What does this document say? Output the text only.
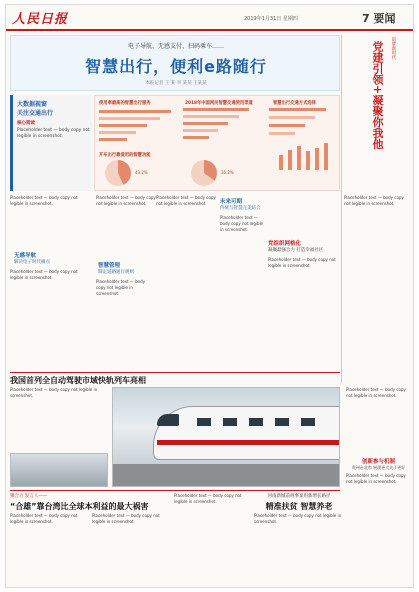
人民日报	2019年1月31日 星期四	7 要闻
电子导航、无感支付、扫码乘车……
智慧出行，便利e路随行
本报记者 王 某 李 某某 王某某
大数据视窗
关注交通出行
核心阅读
Placeholder text — body copy not legible in screenshot.
使用率最高的智慧出行服务	2018年中国网民智慧交通使用渠道	智慧出行交通方式选择
开车出行最爱用的智慧功能
43.2%	35.2%
追梦新时代
党建引领+凝聚你我他
Placeholder text — body copy not legible in screenshot.
无感导航
解决电子时代痛点
智慧管理
制定道路通行规则
未来可期
传统与智慧完美结合
Placeholder text — body copy not legible in screenshot.
Placeholder text — body copy not legible in screenshot.
Placeholder text — body copy not legible in screenshot.
Placeholder text — body copy not legible in screenshot.
Placeholder text — body copy not legible in screenshot.
Placeholder text — body copy not legible in screenshot.
党组织网格化
凝聚最强合力 打造幸福社区
Placeholder text — body copy not legible in screenshot.
我国首列全自动驾驶市域快轨列车亮相
Placeholder text — body copy not legible in screenshot.
创新参与机制
贵州台北市 展现更大关于更好
Placeholder text — body copy not legible in screenshot.
Placeholder text — body copy not legible in screenshot.
聚合力 发言人——
“合雄”靠台湾比全球本利益的最大祸害
Placeholder text — body copy not legible in screenshot.
Placeholder text — body copy not legible in screenshot.
Placeholder text — body copy not legible in screenshot.
河南新城前刑事案用新增长路径
精准扶贫 智慧养老
Placeholder text — body copy not legible in screenshot.
